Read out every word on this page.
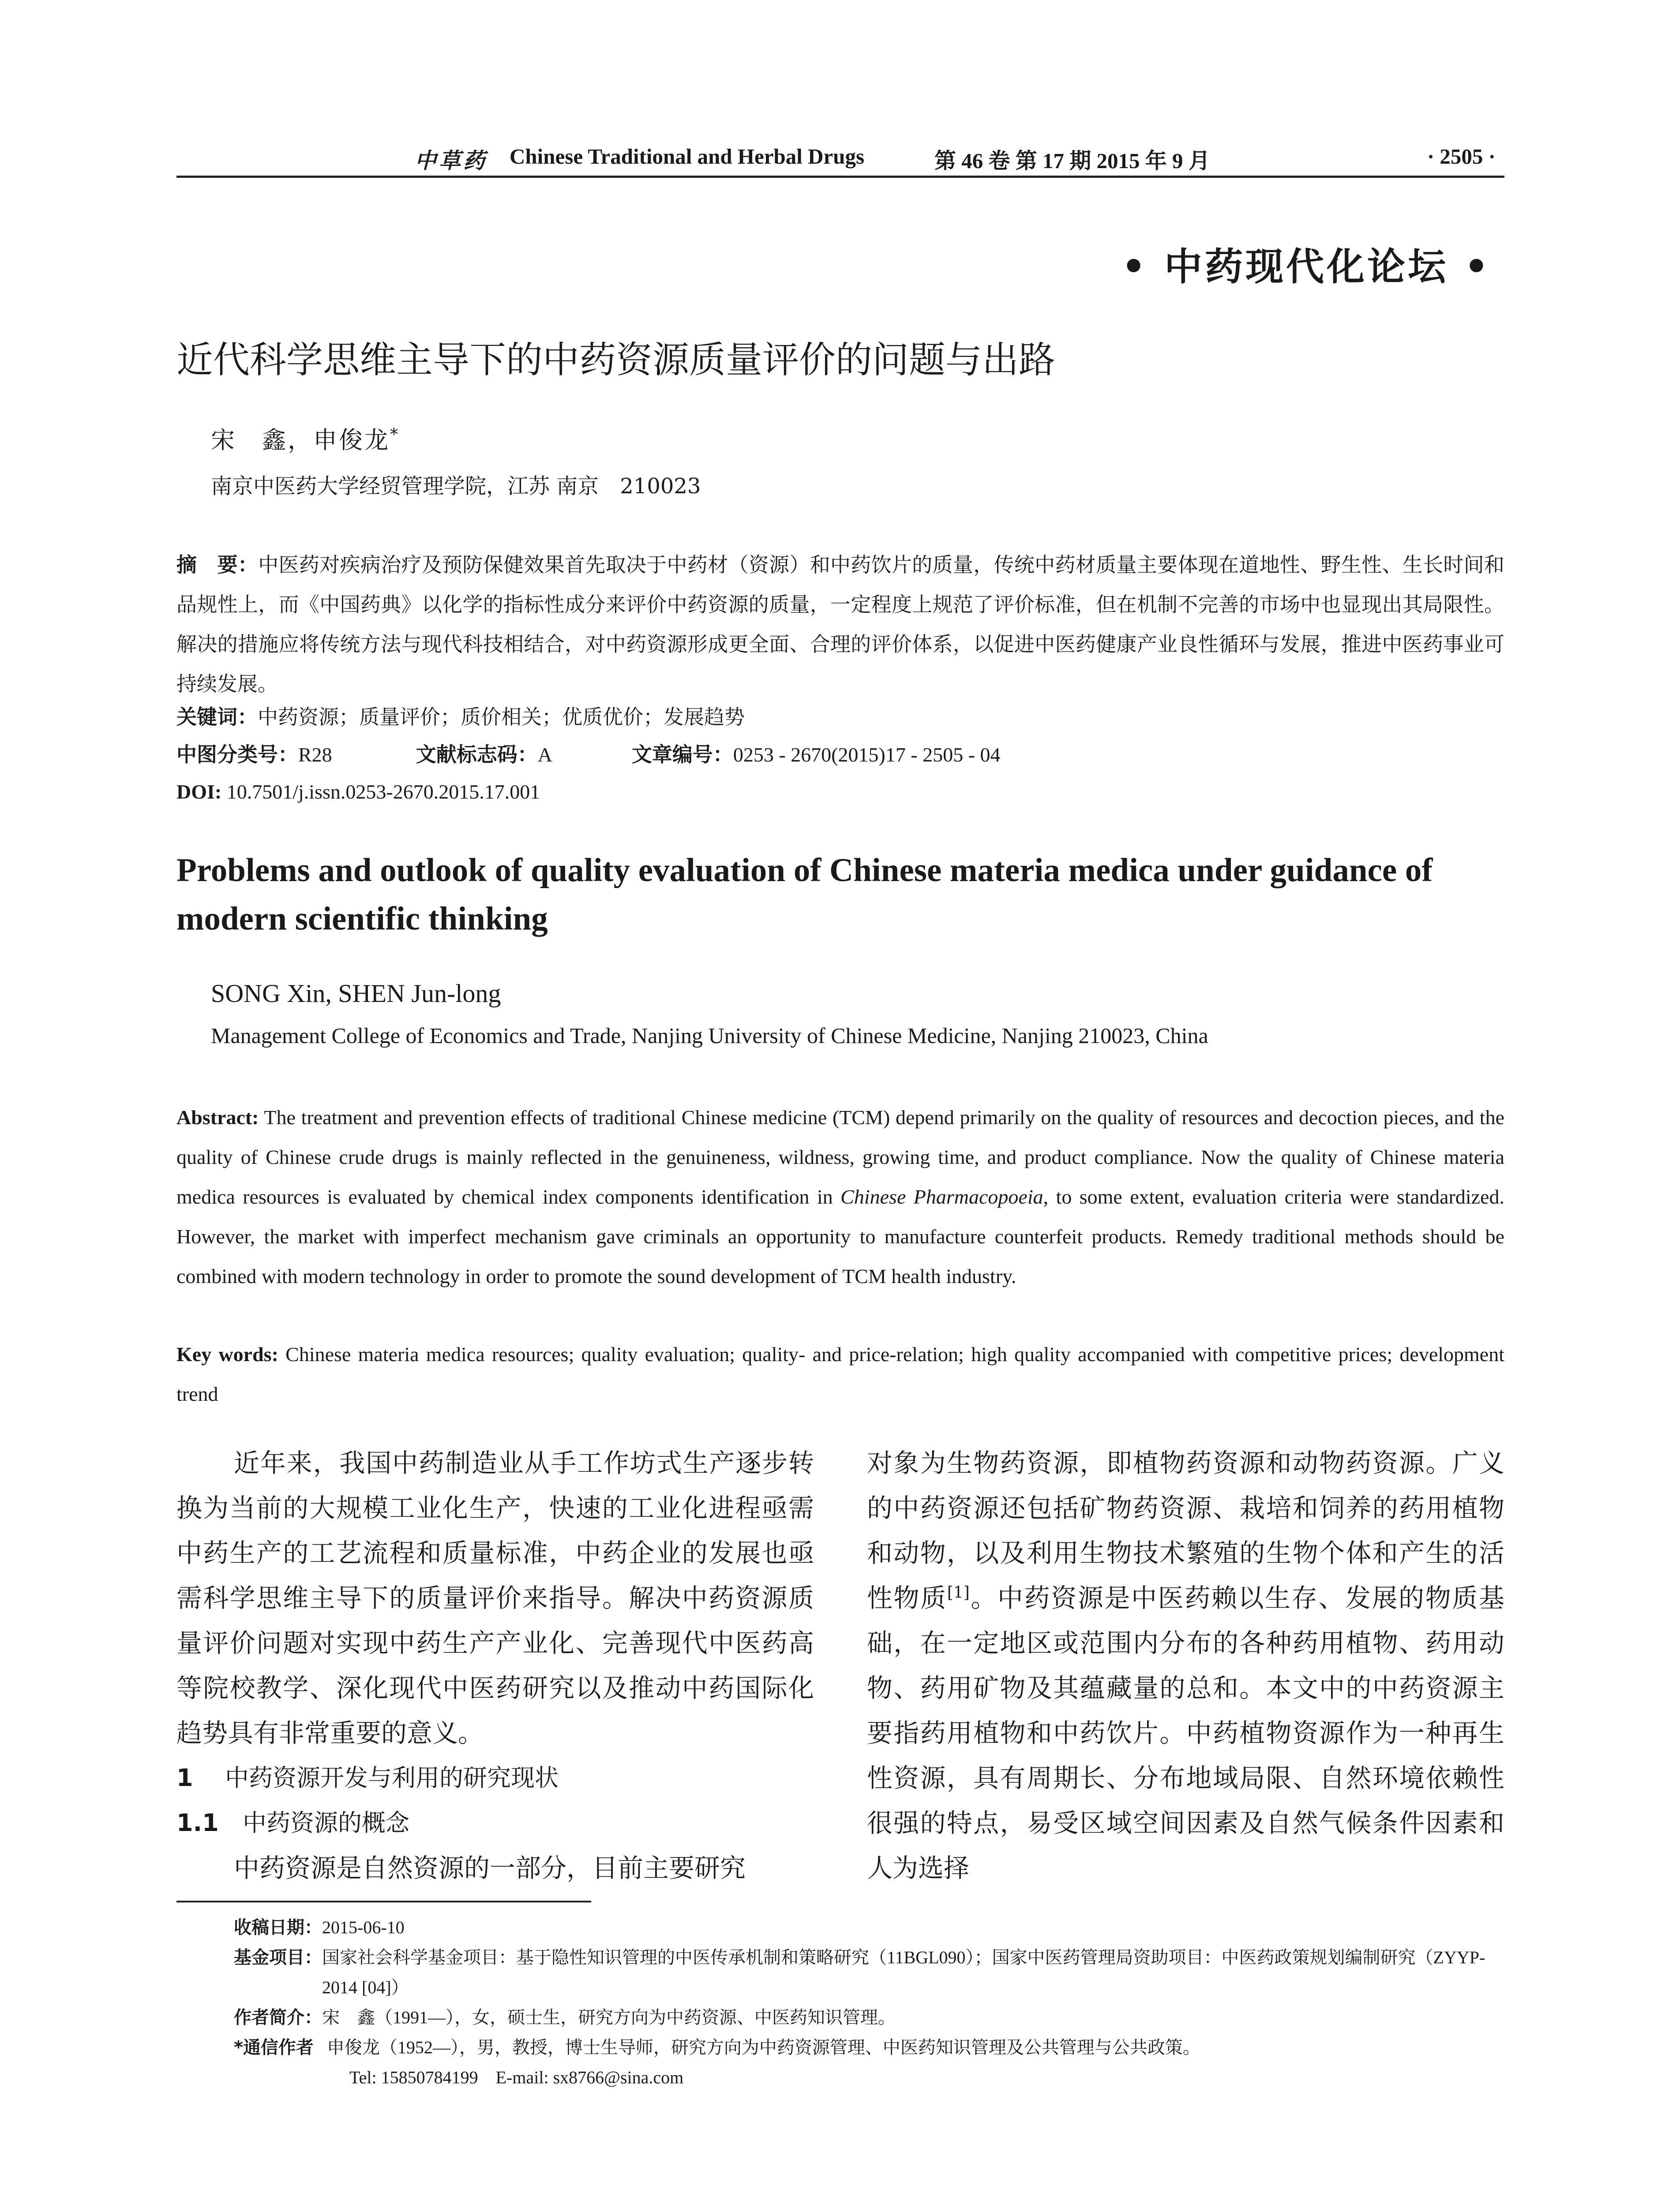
中草药 Chinese Traditional and Herbal Drugs	第 46 卷 第 17 期 2015 年 9 月	· 2505 ·
• 中药现代化论坛 •
近代科学思维主导下的中药资源质量评价的问题与出路
宋　鑫，申俊龙*
南京中医药大学经贸管理学院，江苏 南京　210023
摘　要：中医药对疾病治疗及预防保健效果首先取决于中药材（资源）和中药饮片的质量，传统中药材质量主要体现在道地性、野生性、生长时间和品规性上，而《中国药典》以化学的指标性成分来评价中药资源的质量，一定程度上规范了评价标准，但在机制不完善的市场中也显现出其局限性。解决的措施应将传统方法与现代科技相结合，对中药资源形成更全面、合理的评价体系，以促进中医药健康产业良性循环与发展，推进中医药事业可持续发展。
关键词：中药资源；质量评价；质价相关；优质优价；发展趋势
中图分类号：R28	文献标志码：A	文章编号：0253 - 2670(2015)17 - 2505 - 04
DOI: 10.7501/j.issn.0253-2670.2015.17.001
Problems and outlook of quality evaluation of Chinese materia medica under guidance of modern scientific thinking
SONG Xin, SHEN Jun-long
Management College of Economics and Trade, Nanjing University of Chinese Medicine, Nanjing 210023, China
Abstract: The treatment and prevention effects of traditional Chinese medicine (TCM) depend primarily on the quality of resources and decoction pieces, and the quality of Chinese crude drugs is mainly reflected in the genuineness, wildness, growing time, and product compliance. Now the quality of Chinese materia medica resources is evaluated by chemical index components identification in Chinese Pharmacopoeia, to some extent, evaluation criteria were standardized. However, the market with imperfect mechanism gave criminals an opportunity to manufacture counterfeit products. Remedy traditional methods should be combined with modern technology in order to promote the sound development of TCM health industry.
Key words: Chinese materia medica resources; quality evaluation; quality- and price-relation; high quality accompanied with competitive prices; development trend

近年来，我国中药制造业从手工作坊式生产逐步转换为当前的大规模工业化生产，快速的工业化进程亟需中药生产的工艺流程和质量标准，中药企业的发展也亟需科学思维主导下的质量评价来指导。解决中药资源质量评价问题对实现中药生产产业化、完善现代中医药高等院校教学、深化现代中医药研究以及推动中药国际化趋势具有非常重要的意义。

1 中药资源开发与利用的研究现状

1.1 中药资源的概念

中药资源是自然资源的一部分，目前主要研究

对象为生物药资源，即植物药资源和动物药资源。广义的中药资源还包括矿物药资源、栽培和饲养的药用植物和动物，以及利用生物技术繁殖的生物个体和产生的活性物质[1]。中药资源是中医药赖以生存、发展的物质基础，在一定地区或范围内分布的各种药用植物、药用动物、药用矿物及其蕴藏量的总和。本文中的中药资源主要指药用植物和中药饮片。中药植物资源作为一种再生性资源，具有周期长、分布地域局限、自然环境依赖性很强的特点，易受区域空间因素及自然气候条件因素和人为选择

收稿日期： 2015-06-10
基金项目： 国家社会科学基金项目：基于隐性知识管理的中医传承机制和策略研究（11BGL090）；国家中医药管理局资助项目：中医药政策规划编制研究（ZYYP-2014 [04]）
作者简介： 宋　鑫（1991—），女，硕士生，研究方向为中药资源、中医药知识管理。
*通信作者 申俊龙（1952—），男，教授，博士生导师，研究方向为中药资源管理、中医药知识管理及公共管理与公共政策。
Tel: 15850784199　E-mail: sx8766@sina.com
